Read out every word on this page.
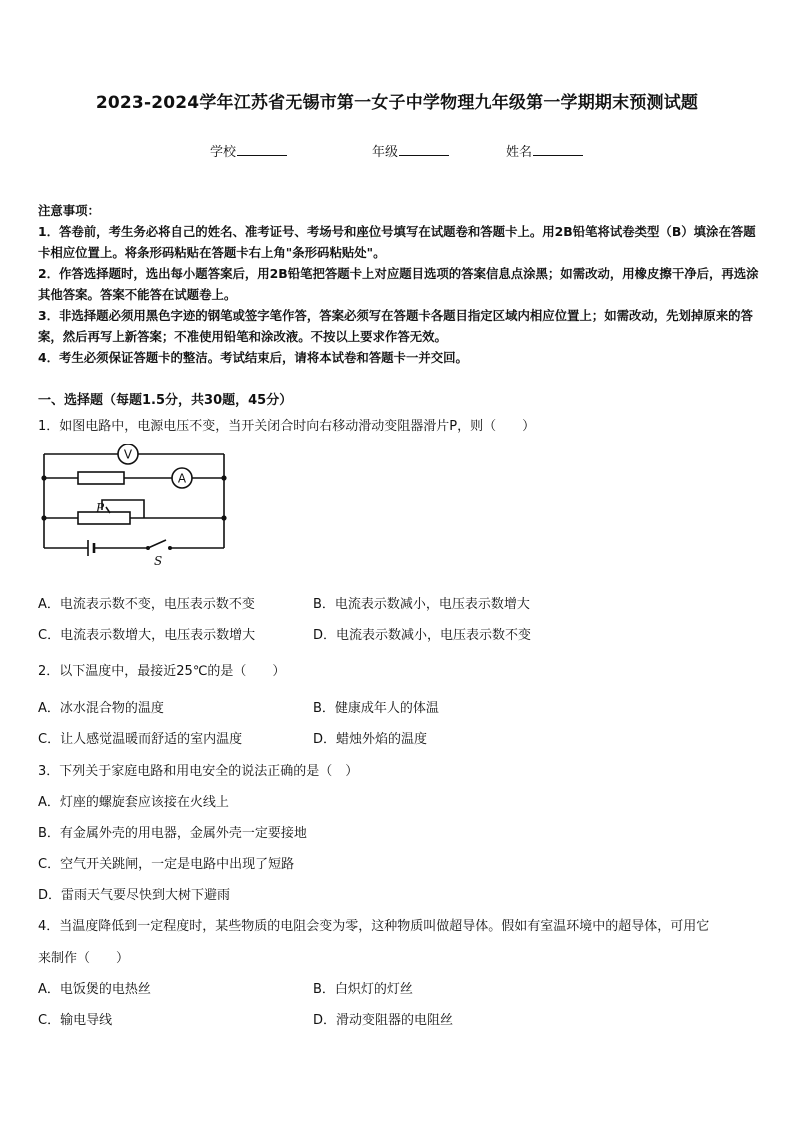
2023-2024学年江苏省无锡市第一女子中学物理九年级第一学期期末预测试题
学校	年级	姓名
注意事项：
1．答卷前，考生务必将自己的姓名、准考证号、考场号和座位号填写在试题卷和答题卡上。用2B铅笔将试卷类型（B）填涂在答题卡相应位置上。将条形码粘贴在答题卡右上角"条形码粘贴处"。
2．作答选择题时，选出每小题答案后，用2B铅笔把答题卡上对应题目选项的答案信息点涂黑；如需改动，用橡皮擦干净后，再选涂其他答案。答案不能答在试题卷上。
3．非选择题必须用黑色字迹的钢笔或签字笔作答，答案必须写在答题卡各题目指定区域内相应位置上；如需改动，先划掉原来的答案，然后再写上新答案；不准使用铅笔和涂改液。不按以上要求作答无效。
4．考生必须保证答题卡的整洁。考试结束后，请将本试卷和答题卡一并交回。
一、选择题（每题1.5分，共30题，45分）
1．如图电路中，电源电压不变，当开关闭合时向右移动滑动变阻器滑片P，则（　　）
V
A
P
S
A．电流表示数不变，电压表示数不变	B．电流表示数减小，电压表示数增大
C．电流表示数增大，电压表示数增大	D．电流表示数减小，电压表示数不变
2．以下温度中，最接近25℃的是（　　）
A．冰水混合物的温度	B．健康成年人的体温
C．让人感觉温暖而舒适的室内温度	D．蜡烛外焰的温度
3．下列关于家庭电路和用电安全的说法正确的是（　）
A．灯座的螺旋套应该接在火线上
B．有金属外壳的用电器，金属外壳一定要接地
C．空气开关跳闸，一定是电路中出现了短路
D．雷雨天气要尽快到大树下避雨
4．当温度降低到一定程度时，某些物质的电阻会变为零，这种物质叫做超导体。假如有室温环境中的超导体，可用它
来制作（　　）
A．电饭煲的电热丝	B．白炽灯的灯丝
C．输电导线	D．滑动变阻器的电阻丝
